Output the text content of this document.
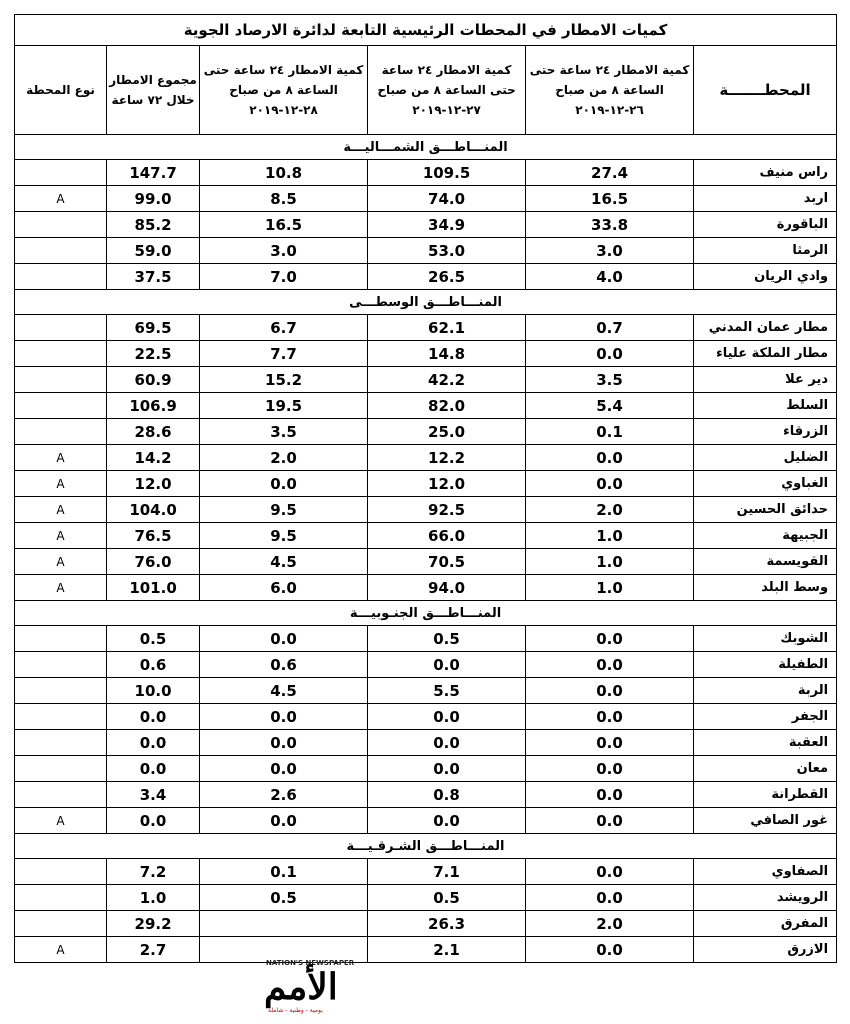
كميات الامطار في المحطات الرئيسية التابعة لدائرة الارصاد الجوية					
المحطـــــــة	كمية الامطار ٢٤ ساعة حتى الساعة ٨ من صباح ٢٦-١٢-٢٠١٩	كمية الامطار ٢٤ ساعة حتى الساعة ٨ من صباح ٢٧-١٢-٢٠١٩	كمية الامطار ٢٤ ساعة حتى الساعة ٨ من صباح ٢٨-١٢-٢٠١٩	مجموع الامطار خلال ٧٢ ساعة	نوع المحطة
المنـــاطـــق الشمـــاليـــة					
راس منيف	27.4	109.5	10.8	147.7	
اربد	16.5	74.0	8.5	99.0	A
الباقورة	33.8	34.9	16.5	85.2	
الرمثا	3.0	53.0	3.0	59.0	
وادي الريان	4.0	26.5	7.0	37.5	
المنـــاطـــق الوسطـــى					
مطار عمان المدني	0.7	62.1	6.7	69.5	
مطار الملكة علياء	0.0	14.8	7.7	22.5	
دير علا	3.5	42.2	15.2	60.9	
السلط	5.4	82.0	19.5	106.9	
الزرقاء	0.1	25.0	3.5	28.6	
الضليل	0.0	12.2	2.0	14.2	A
الغباوي	0.0	12.0	0.0	12.0	A
حدائق الحسين	2.0	92.5	9.5	104.0	A
الجبيهة	1.0	66.0	9.5	76.5	A
القويسمة	1.0	70.5	4.5	76.0	A
وسط البلد	1.0	94.0	6.0	101.0	A
المنـــاطـــق الجنـوبيـــة					
الشوبك	0.0	0.5	0.0	0.5	
الطفيلة	0.0	0.0	0.6	0.6	
الربة	0.0	5.5	4.5	10.0	
الجفر	0.0	0.0	0.0	0.0	
العقبة	0.0	0.0	0.0	0.0	
معان	0.0	0.0	0.0	0.0	
القطرانة	0.0	0.8	2.6	3.4	
غور الصافي	0.0	0.0	0.0	0.0	A
المنـــاطـــق الشـرقـيـــة					
الصفاوي	0.0	7.1	0.1	7.2	
الرويشد	0.0	0.5	0.5	1.0	
المفرق	2.0	26.3		29.2	
الازرق	0.0	2.1		2.7	A
NATION'S NEWSPAPER
الأمم
يومية - وطنية - شاملة
